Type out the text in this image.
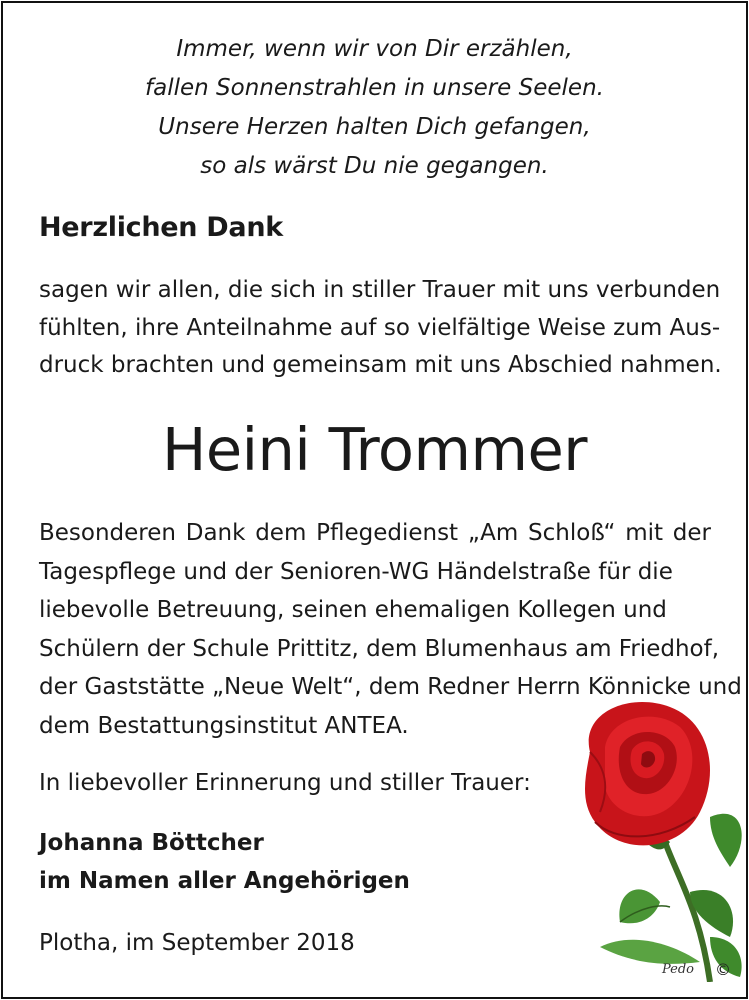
Immer, wenn wir von Dir erzählen,
fallen Sonnenstrahlen in unsere Seelen.
Unsere Herzen halten Dich gefangen,
so als wärst Du nie gegangen.
Herzlichen Dank
sagen wir allen, die sich in stiller Trauer mit uns verbunden
fühlten, ihre Anteilnahme auf so vielfältige Weise zum Aus-
druck brachten und gemeinsam mit uns Abschied nahmen.
Heini Trommer
Besonderen Dank dem Pflegedienst „Am Schloß“ mit der
Tagespflege und der Senioren-WG Händelstraße für die
liebevolle Betreuung, seinen ehemaligen Kollegen und
Schülern der Schule Prittitz, dem Blumenhaus am Friedhof,
der Gaststätte „Neue Welt“, dem Redner Herrn Könnicke und
dem Bestattungsinstitut ANTEA.
In liebevoller Erinnerung und stiller Trauer:
Johanna Böttcher
im Namen aller Angehörigen
Plotha, im September 2018
Pedo ©
